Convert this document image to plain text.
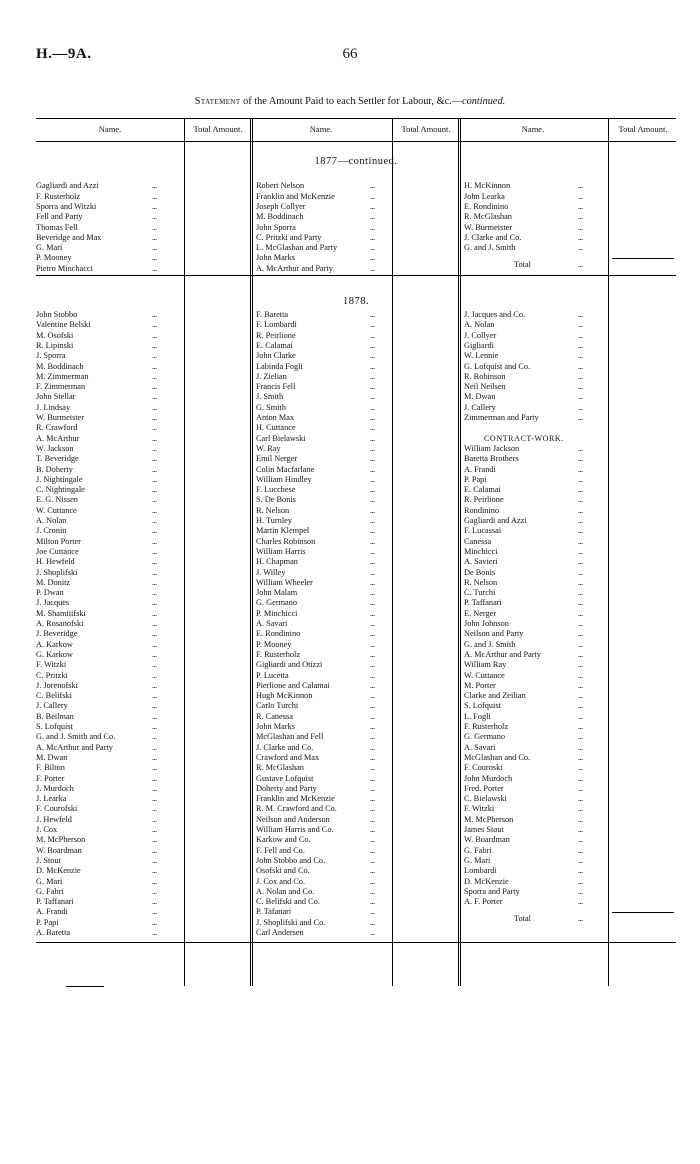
H.—9A.	66
Statement of the Amount Paid to each Settler for Labour, &c.—continued.
Name.	Total Amount.	Name.	Total Amount.	Name.	Total Amount.
1877—continued.
Gagliardi and Azzi	...
F. Rusterholz	...
Sporra and Witzki	...
Fell and Party	...
Thomas Fell	...
Beveridge and Max	...
G. Mari	...
P. Mooney	...
Pietro Minchacci	...
Robert Nelson	...
Franklin and McKenzie	...
Joseph Collyer	...
M. Boddinach	...
John Sporra	...
C. Pritzki and Party	...
L. McGlashan and Party	...
John Marks	...
A. McArthur and Party	...
H. McKinnon	...
John Learka	...
E. Rondinino	...
R. McGlashan	...
W. Burmeister	...
J. Clarke and Co.	...
G. and J. Smith	...
Total	...
1878.
John Stobbo	...
Valentine Belski	...
M. Osofski	...
R. Lipinski	...
J. Sporra	...
M. Boddinach	...
M. Zimmerman	...
F. Zimmerman	...
John Stellar	...
J. Lindsay	...
W. Burmeister	...
R. Crawford	...
A. McArthur	...
W. Jackson	...
T. Beveridge	...
B. Doherty	...
J. Nightingale	...
C. Nightingale	...
E. G. Nissen	...
W. Cuttance	...
A. Nolan	...
J. Cronin	...
Milton Porter	...
Joe Cuttance	...
H. Hewfeld	...
J. Shoplifski	...
M. Donitz	...
P. Dwan	...
J. Jacques	...
M. Shamiiifski	...
A. Rosanofski	...
J. Beveridge	...
A. Karkow	...
G. Karkow	...
F. Witzki	...
C. Pritzki	...
J. Jorenofski	...
C. Belifski	...
J. Callery	...
B. Beilman	...
S. Lofquist	...
G. and J. Smith and Co.	...
A. McArthur and Party	...
M. Dwan	...
F. Bilton	...
F. Porter	...
J. Murdoch	...
J. Learka	...
F. Courofski	...
J. Hewfeld	...
J. Cox	...
M. McPherson	...
W. Boardman	...
J. Stout	...
D. McKenzie	...
G. Mari	...
G. Fabri	...
P. Taffanari	...
A. Frandi	...
P. Papi	...
A. Baretta	...
F. Baretta	...
F. Lombardi	...
R. Peirlione	...
E. Calamai	...
John Clarke	...
Labinda Fogli	...
J. Zielian	...
Francis Fell	...
J. Smith	...
G. Smith	...
Anton Max	...
H. Cuttance	...
Carl Bielawski	...
W. Ray	...
Emil Nerger	...
Colin Macfarlane	...
William Hindley	...
F. Lucchese	...
S. De Bonis	...
R. Nelson	...
H. Turnley	...
Martin Klempel	...
Charles Robinson	...
William Harris	...
H. Chapman	...
J. Willey	...
William Wheeler	...
John Malam	...
G. Germano	...
P. Minchicci	...
A. Savari	...
E. Rondinino	...
P. Mooney	...
F. Rusterholz	...
Gigliardi and Otizzi	...
P. Lucetta	...
Pierlione and Calamai	...
Hugh McKinnon	...
Carlo Turchi	...
R. Canessa	...
John Marks	...
McGlashan and Fell	...
J. Clarke and Co.	...
Crawford and Max	...
R. McGlashan	...
Gustave Lofquist	...
Doherty and Party	...
Franklin and McKenzie	...
R. M. Crawford and Co.	...
Neilson and Anderson	...
William Harris and Co.	...
Karkow and Co.	...
F. Fell and Co.	...
John Stobbo and Co.	...
Osofski and Co.	...
J. Cox and Co.	...
A. Nolan and Co.	...
C. Belifski and Co.	...
P. Tafanari	...
J. Shoplifski and Co.	...
Carl Andersen	...
J. Jacques and Co.	...
A. Nolan	...
J. Collyer	...
Gigliardi	...
W. Lennie	...
G. Lofquist and Co.	...
R. Robinson	...
Neil Neilsen	...
M. Dwan	...
J. Callery	...
Zimmerman and Party	...
CONTRACT-WORK.
William Jackson	...
Baretta Brothers	...
A. Frandi	...
P. Papi	...
E. Calamai	...
R. Peirlione	...
Rondinino	...
Gagliardi and Azzi	...
F. Lucassai	...
Canessa	...
Minchicci	...
A. Savieri	...
De Bonis	...
R. Nelson	...
C. Turchi	...
P. Taffanari	...
E. Nerger	...
John Johnson	...
Neilson and Party	...
G. and J. Smith	...
A. McArthur and Party	...
William Ray	...
W. Cuttance	...
M. Porter	...
Clarke and Zeilian	...
S. Lofquist	...
L. Fogli	...
F. Rusterholz	...
G. Germano	...
A. Savari	...
McGlashan and Co.	...
F. Couroski	...
John Murdoch	...
Fred. Porter	...
C. Bielawski	...
F. Witzki	...
M. McPherson	...
James Stout	...
W. Boardman	...
G. Fabri	...
G. Mari	...
Lombardi	...
D. McKenzie	...
Sporra and Party	...
A. F. Porter	...
Total	...
